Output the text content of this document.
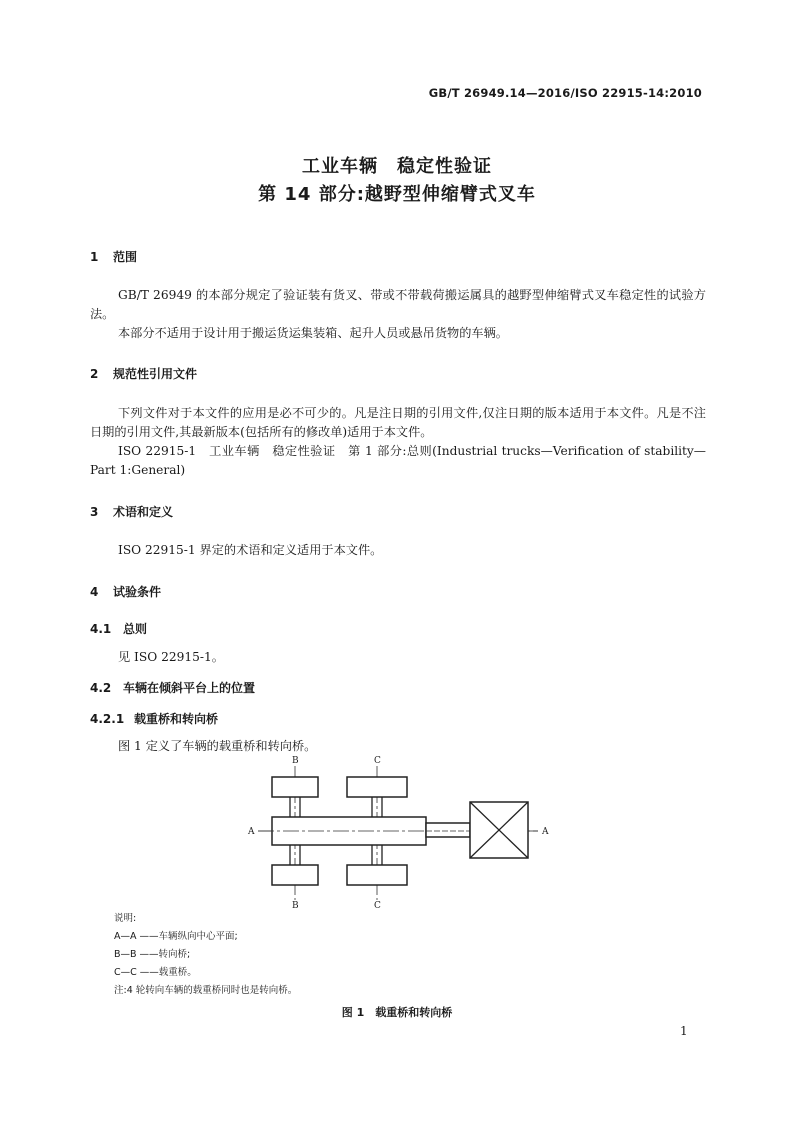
GB/T 26949.14—2016/ISO 22915-14:2010
工业车辆　稳定性验证
第 14 部分:越野型伸缩臂式叉车
1 范围
GB/T 26949 的本部分规定了验证装有货叉、带或不带载荷搬运属具的越野型伸缩臂式叉车稳定性的试验方法。
本部分不适用于设计用于搬运货运集装箱、起升人员或悬吊货物的车辆。
2 规范性引用文件
下列文件对于本文件的应用是必不可少的。凡是注日期的引用文件,仅注日期的版本适用于本文件。凡是不注日期的引用文件,其最新版本(包括所有的修改单)适用于本文件。
ISO 22915-1　工业车辆　稳定性验证　第 1 部分:总则(Industrial trucks—Verification of stability—Part 1:General)
3 术语和定义
ISO 22915-1 界定的术语和定义适用于本文件。
4 试验条件
4.1 总则
见 ISO 22915-1。
4.2 车辆在倾斜平台上的位置
4.2.1 载重桥和转向桥
图 1 定义了车辆的载重桥和转向桥。
B	C
B	C
A	A
说明:
A—A ——车辆纵向中心平面;
B—B ——转向桥;
C—C ——载重桥。
注:4 轮转向车辆的载重桥同时也是转向桥。
图 1　载重桥和转向桥
1
